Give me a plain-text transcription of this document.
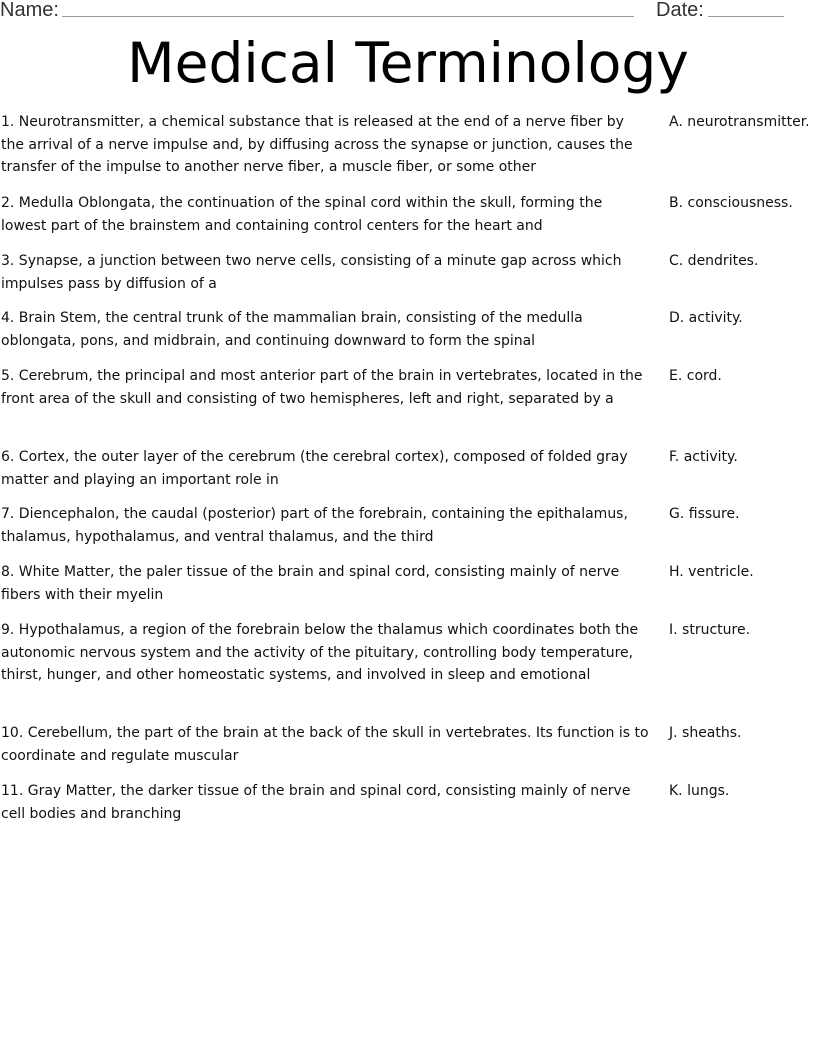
Name:	Date:
Medical Terminology
1. Neurotransmitter, a chemical substance that is released at the end of a nerve fiber by the arrival of a nerve impulse and, by diffusing across the synapse or junction, causes the transfer of the impulse to another nerve fiber, a muscle fiber, or some other
A. neurotransmitter.
2. Medulla Oblongata, the continuation of the spinal cord within the skull, forming the lowest part of the brainstem and containing control centers for the heart and
B. consciousness.
3. Synapse, a junction between two nerve cells, consisting of a minute gap across which impulses pass by diffusion of a
C. dendrites.
4. Brain Stem, the central trunk of the mammalian brain, consisting of the medulla oblongata, pons, and midbrain, and continuing downward to form the spinal
D. activity.
5. Cerebrum, the principal and most anterior part of the brain in vertebrates, located in the front area of the skull and consisting of two hemispheres, left and right, separated by a
E. cord.
6. Cortex, the outer layer of the cerebrum (the cerebral cortex), composed of folded gray matter and playing an important role in
F. activity.
7. Diencephalon, the caudal (posterior) part of the forebrain, containing the epithalamus, thalamus, hypothalamus, and ventral thalamus, and the third
G. fissure.
8. White Matter, the paler tissue of the brain and spinal cord, consisting mainly of nerve fibers with their myelin
H. ventricle.
9. Hypothalamus, a region of the forebrain below the thalamus which coordinates both the autonomic nervous system and the activity of the pituitary, controlling body temperature, thirst, hunger, and other homeostatic systems, and involved in sleep and emotional
I. structure.
10. Cerebellum, the part of the brain at the back of the skull in vertebrates. Its function is to coordinate and regulate muscular
J. sheaths.
11. Gray Matter, the darker tissue of the brain and spinal cord, consisting mainly of nerve cell bodies and branching
K. lungs.
